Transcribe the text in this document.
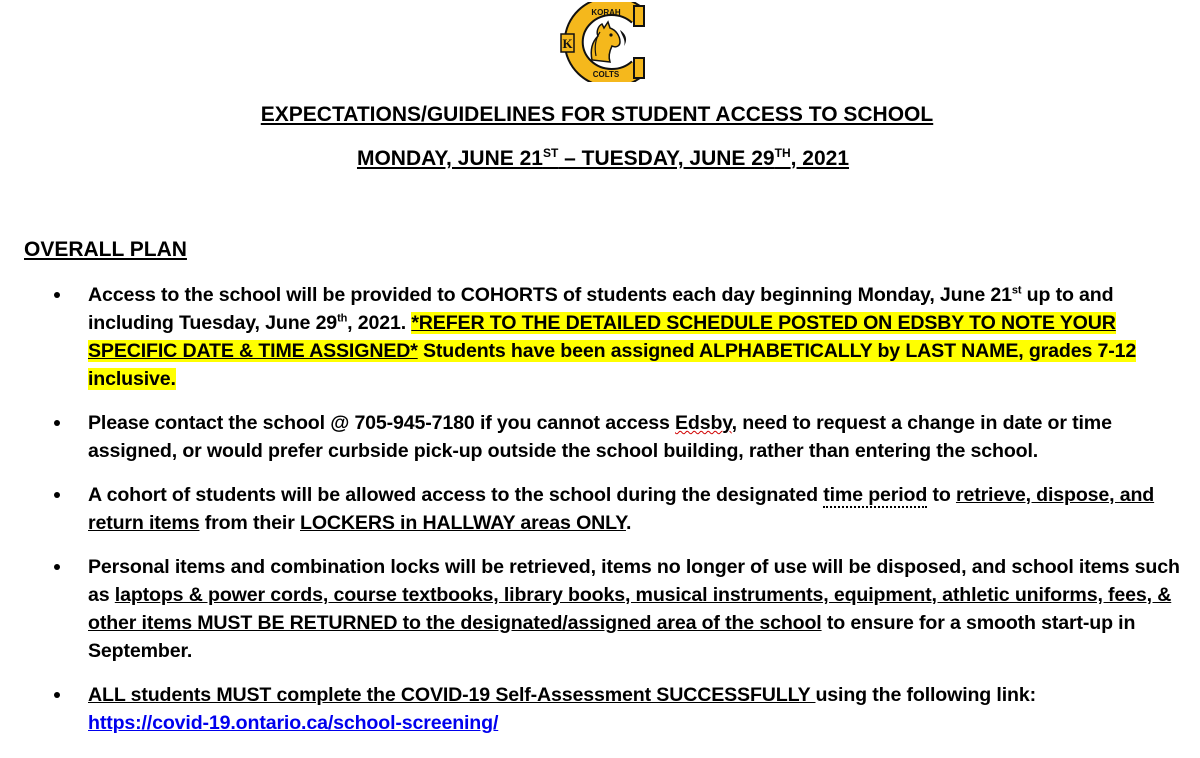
K
KORAH
COLTS
EXPECTATIONS/GUIDELINES FOR STUDENT ACCESS TO SCHOOL
MONDAY, JUNE 21ST – TUESDAY, JUNE 29TH, 2021
OVERALL PLAN
Access to the school will be provided to COHORTS of students each day beginning Monday, June 21st up to and including Tuesday, June 29th, 2021. *REFER TO THE DETAILED SCHEDULE POSTED ON EDSBY TO NOTE YOUR SPECIFIC DATE & TIME ASSIGNED* Students have been assigned ALPHABETICALLY by LAST NAME, grades 7-12 inclusive.
Please contact the school @ 705-945-7180 if you cannot access Edsby, need to request a change in date or time assigned, or would prefer curbside pick-up outside the school building, rather than entering the school.
A cohort of students will be allowed access to the school during the designated time period to retrieve, dispose, and return items from their LOCKERS in HALLWAY areas ONLY.
Personal items and combination locks will be retrieved, items no longer of use will be disposed, and school items such as laptops & power cords, course textbooks, library books, musical instruments, equipment, athletic uniforms, fees, & other items MUST BE RETURNED to the designated/assigned area of the school to ensure for a smooth start-up in September.
ALL students MUST complete the COVID-19 Self-Assessment SUCCESSFULLY using the following link:
https://covid-19.ontario.ca/school-screening/
